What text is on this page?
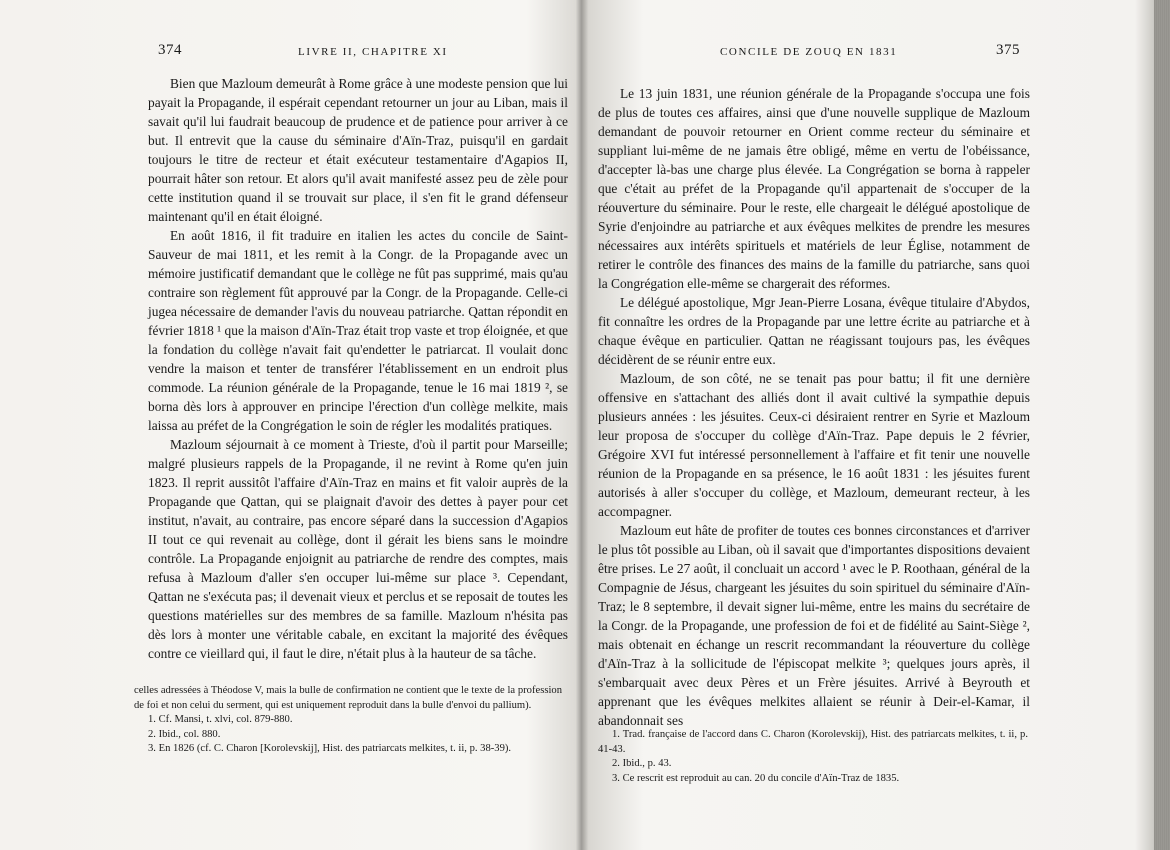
374	LIVRE II, CHAPITRE XI

Bien que Mazloum demeurât à Rome grâce à une modeste pension que lui payait la Propagande, il espérait cependant retourner un jour au Liban, mais il savait qu'il lui faudrait beaucoup de prudence et de patience pour arriver à ce but. Il entrevit que la cause du séminaire d'Aïn-Traz, puisqu'il en gardait toujours le titre de recteur et était exécuteur testamentaire d'Agapios II, pourrait hâter son retour. Et alors qu'il avait manifesté assez peu de zèle pour cette institution quand il se trouvait sur place, il s'en fit le grand défenseur maintenant qu'il en était éloigné.

En août 1816, il fit traduire en italien les actes du concile de Saint-Sauveur de mai 1811, et les remit à la Congr. de la Propagande avec un mémoire justificatif demandant que le collège ne fût pas supprimé, mais qu'au contraire son règlement fût approuvé par la Congr. de la Propagande. Celle-ci jugea nécessaire de demander l'avis du nouveau patriarche. Qattan répondit en février 1818 ¹ que la maison d'Aïn-Traz était trop vaste et trop éloignée, et que la fondation du collège n'avait fait qu'endetter le patriarcat. Il voulait donc vendre la maison et tenter de transférer l'établissement en un endroit plus commode. La réunion générale de la Propagande, tenue le 16 mai 1819 ², se borna dès lors à approuver en principe l'érection d'un collège melkite, mais laissa au préfet de la Congrégation le soin de régler les modalités pratiques.

Mazloum séjournait à ce moment à Trieste, d'où il partit pour Marseille; malgré plusieurs rappels de la Propagande, il ne revint à Rome qu'en juin 1823. Il reprit aussitôt l'affaire d'Aïn-Traz en mains et fit valoir auprès de la Propagande que Qattan, qui se plaignait d'avoir des dettes à payer pour cet institut, n'avait, au contraire, pas encore séparé dans la succession d'Agapios II tout ce qui revenait au collège, dont il gérait les biens sans le moindre contrôle. La Propagande enjoignit au patriarche de rendre des comptes, mais refusa à Mazloum d'aller s'en occuper lui-même sur place ³. Cependant, Qattan ne s'exécuta pas; il devenait vieux et perclus et se reposait de toutes les questions matérielles sur des membres de sa famille. Mazloum n'hésita pas dès lors à monter une véritable cabale, en excitant la majorité des évêques contre ce vieillard qui, il faut le dire, n'était plus à la hauteur de sa tâche.

celles adressées à Théodose V, mais la bulle de confirmation ne contient que le texte de la profession de foi et non celui du serment, qui est uniquement reproduit dans la bulle d'envoi du pallium).

1. Cf. Mansi, t. xlvi, col. 879-880.

2. Ibid., col. 880.

3. En 1826 (cf. C. Charon [Korolevskij], Hist. des patriarcats melkites, t. ii, p. 38-39).

CONCILE DE ZOUQ EN 1831	375

Le 13 juin 1831, une réunion générale de la Propagande s'occupa une fois de plus de toutes ces affaires, ainsi que d'une nouvelle supplique de Mazloum demandant de pouvoir retourner en Orient comme recteur du séminaire et suppliant lui-même de ne jamais être obligé, même en vertu de l'obéissance, d'accepter là-bas une charge plus élevée. La Congrégation se borna à rappeler que c'était au préfet de la Propagande qu'il appartenait de s'occuper de la réouverture du séminaire. Pour le reste, elle chargeait le délégué apostolique de Syrie d'enjoindre au patriarche et aux évêques melkites de prendre les mesures nécessaires aux intérêts spirituels et matériels de leur Église, notamment de retirer le contrôle des finances des mains de la famille du patriarche, sans quoi la Congrégation elle-même se chargerait des réformes.

Le délégué apostolique, Mgr Jean-Pierre Losana, évêque titulaire d'Abydos, fit connaître les ordres de la Propagande par une lettre écrite au patriarche et à chaque évêque en particulier. Qattan ne réagissant toujours pas, les évêques décidèrent de se réunir entre eux.

Mazloum, de son côté, ne se tenait pas pour battu; il fit une dernière offensive en s'attachant des alliés dont il avait cultivé la sympathie depuis plusieurs années : les jésuites. Ceux-ci désiraient rentrer en Syrie et Mazloum leur proposa de s'occuper du collège d'Aïn-Traz. Pape depuis le 2 février, Grégoire XVI fut intéressé personnellement à l'affaire et fit tenir une nouvelle réunion de la Propagande en sa présence, le 16 août 1831 : les jésuites furent autorisés à aller s'occuper du collège, et Mazloum, demeurant recteur, à les accompagner.

Mazloum eut hâte de profiter de toutes ces bonnes circonstances et d'arriver le plus tôt possible au Liban, où il savait que d'importantes dispositions devaient être prises. Le 27 août, il concluait un accord ¹ avec le P. Roothaan, général de la Compagnie de Jésus, chargeant les jésuites du soin spirituel du séminaire d'Aïn-Traz; le 8 septembre, il devait signer lui-même, entre les mains du secrétaire de la Congr. de la Propagande, une profession de foi et de fidélité au Saint-Siège ², mais obtenait en échange un rescrit recommandant la réouverture du collège d'Aïn-Traz à la sollicitude de l'épiscopat melkite ³; quelques jours après, il s'embarquait avec deux Pères et un Frère jésuites. Arrivé à Beyrouth et apprenant que les évêques melkites allaient se réunir à Deir-el-Kamar, il abandonnait ses

1. Trad. française de l'accord dans C. Charon (Korolevskij), Hist. des patriarcats melkites, t. ii, p. 41-43.

2. Ibid., p. 43.

3. Ce rescrit est reproduit au can. 20 du concile d'Aïn-Traz de 1835.
